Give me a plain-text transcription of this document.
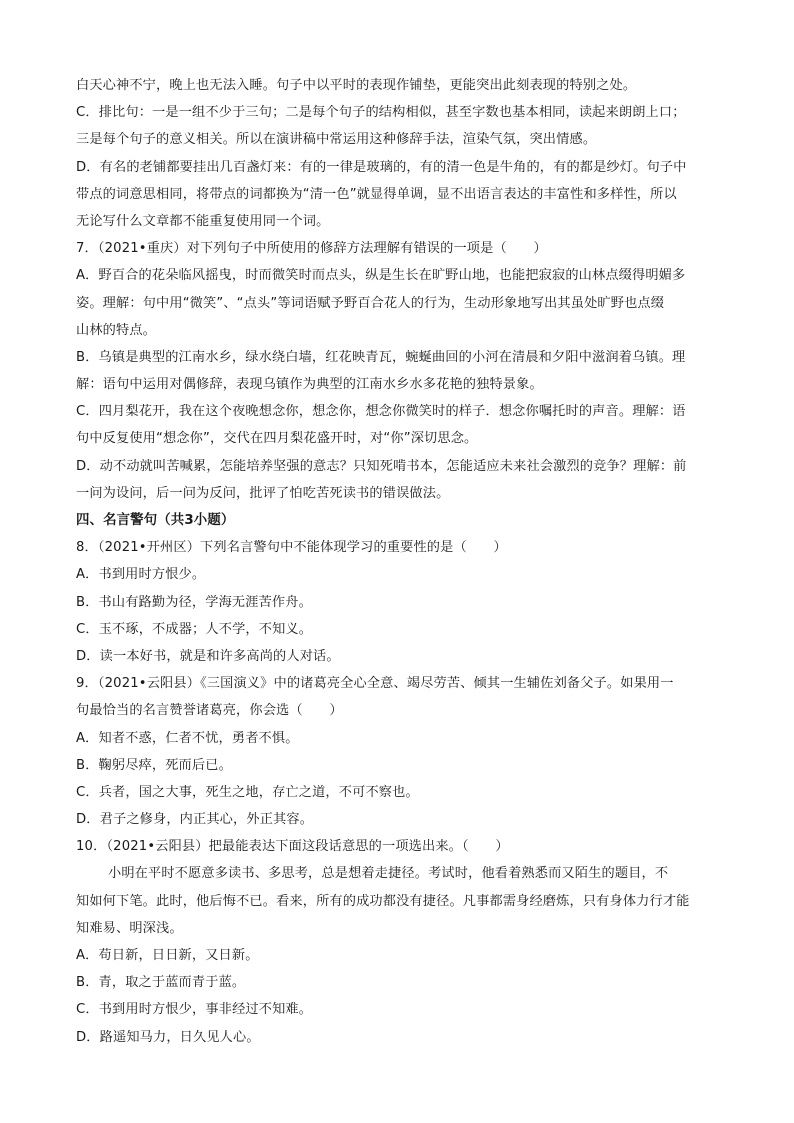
白天心神不宁，晚上也无法入睡。句子中以平时的表现作铺垫，更能突出此刻表现的特别之处。
C．排比句：一是一组不少于三句；二是每个句子的结构相似，甚至字数也基本相同，读起来朗朗上口；
三是每个句子的意义相关。所以在演讲稿中常运用这种修辞手法，渲染气氛，突出情感。
D．有名的老铺都要挂出几百盏灯来：有的一律是玻璃的，有的清一色是牛角的，有的都是纱灯。句子中
带点的词意思相同，将带点的词都换为“清一色”就显得单调，显不出语言表达的丰富性和多样性，所以
无论写什么文章都不能重复使用同一个词。
7．（2021•重庆）对下列句子中所使用的修辞方法理解有错误的一项是（　　）
A．野百合的花朵临风摇曳，时而微笑时而点头，纵是生长在旷野山地，也能把寂寂的山林点缀得明媚多
姿。理解：句中用“微笑”、“点头”等词语赋予野百合花人的行为，生动形象地写出其虽处旷野也点缀
山林的特点。
B．乌镇是典型的江南水乡，绿水绕白墙，红花映青瓦，蜿蜒曲回的小河在清晨和夕阳中滋润着乌镇。理
解：语句中运用对偶修辞，表现乌镇作为典型的江南水乡水多花艳的独特景象。
C．四月梨花开，我在这个夜晚想念你，想念你，想念你微笑时的样子．想念你嘱托时的声音。理解：语
句中反复使用“想念你”，交代在四月梨花盛开时，对“你”深切思念。
D．动不动就叫苦喊累，怎能培养坚强的意志？只知死啃书本，怎能适应未来社会激烈的竞争？理解：前
一问为设问，后一问为反问，批评了怕吃苦死读书的错误做法。
四、名言警句（共3小题）
8．（2021•开州区）下列名言警句中不能体现学习的重要性的是（　　）
A．书到用时方恨少。
B．书山有路勤为径，学海无涯苦作舟。
C．玉不琢，不成器；人不学，不知义。
D．读一本好书，就是和许多高尚的人对话。
9．（2021•云阳县）《三国演义》中的诸葛亮全心全意、竭尽劳苦、倾其一生辅佐刘备父子。如果用一
句最恰当的名言赞誉诸葛亮，你会选（　　）
A．知者不惑，仁者不忧，勇者不惧。
B．鞠躬尽瘁，死而后已。
C．兵者，国之大事，死生之地，存亡之道，不可不察也。
D．君子之修身，内正其心，外正其容。
10．（2021•云阳县）把最能表达下面这段话意思的一项选出来。（　　）
小明在平时不愿意多读书、多思考，总是想着走捷径。考试时，他看着熟悉而又陌生的题目，不
知如何下笔。此时，他后悔不已。看来，所有的成功都没有捷径。凡事都需身经磨炼，只有身体力行才能
知难易、明深浅。
A．苟日新，日日新，又日新。
B．青，取之于蓝而青于蓝。
C．书到用时方恨少，事非经过不知难。
D．路遥知马力，日久见人心。
